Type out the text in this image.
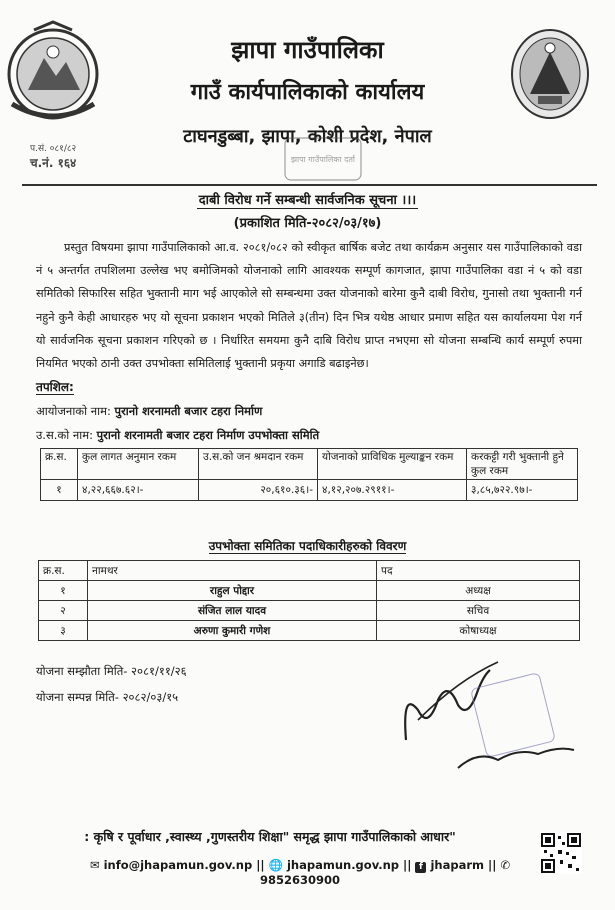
झापा गाउँपालिका
गाउँ कार्यपालिकाको कार्यालय
टाघनडुब्बा, झापा, कोशी प्रदेश, नेपाल
प.सं. ०८१/८२
च.नं. १६४	झापा गाउँपालिका दर्ता
दाबी विरोध गर्ने सम्बन्धी सार्वजनिक सूचना ।।।
(प्रकाशित मिति-२०८२/०३/१७)

प्रस्तुत विषयमा झापा गाउँपालिकाको आ.व. २०८१/०८२ को स्वीकृत बार्षिक बजेट तथा कार्यक्रम अनुसार यस गाउँपालिकाको वडा नं ५ अन्तर्गत तपशिलमा उल्लेख भए बमोजिमको योजनाको लागि आवश्यक सम्पूर्ण कागजात, झापा गाउँपालिका वडा नं ५ को वडा समितिको सिफारिस सहित भुक्तानी माग भई आएकोले सो सम्बन्धमा उक्त योजनाको बारेमा कुनै दाबी विरोध, गुनासो तथा भुक्तानी गर्न नहुने कुनै केही आधारहरु भए यो सूचना प्रकाशन भएको मितिले ३(तीन) दिन भित्र यथेष्ठ आधार प्रमाण सहित यस कार्यालयमा पेश गर्न यो सार्वजनिक सूचना प्रकाशन गरिएको छ । निर्धारित समयमा कुनै दाबि विरोध प्राप्त नभएमा सो योजना सम्बन्धि कार्य सम्पूर्ण रुपमा नियमित भएको ठानी उक्त उपभोक्ता समितिलाई भुक्तानी प्रकृया अगाडि बढाइनेछ।

तपशिल:
आयोजनाको नाम: पुरानो शरनामती बजार टहरा निर्माण
उ.स.को नाम: पुरानो शरनामती बजार टहरा निर्माण उपभोक्ता समिति
क्र.स.	कुल लागत अनुमान रकम	उ.स.को जन श्रमदान रकम	योजनाको प्राविधिक मुल्याङ्कन रकम	करकट्टी गरी भुक्तानी हुने कुल रकम
१	४,२२,६६७.६२।-	२०,६१०.३६।-	४,१२,२०७.२९११।-	३,८५,७२२.९७।-
उपभोक्ता समितिका पदाधिकारीहरुको विवरण
क्र.स.	नामथर	पद
१	राहुल पोद्दार	अध्यक्ष
२	संजित लाल यादव	सचिव
३	अरुणा कुमारी गणेश	कोषाध्यक्ष
योजना सम्झौता मिति- २०८१/११/२६
योजना सम्पन्न मिति- २०८२/०३/१५
: कृषि र पूर्वाधार ,स्वास्थ्य ,गुणस्तरीय शिक्षा" समृद्ध झापा गाउँपालिकाको आधार"
✉ info@jhapamun.gov.np || 🌐 jhapamun.gov.np || f jhaparm || ✆ 9852630900
